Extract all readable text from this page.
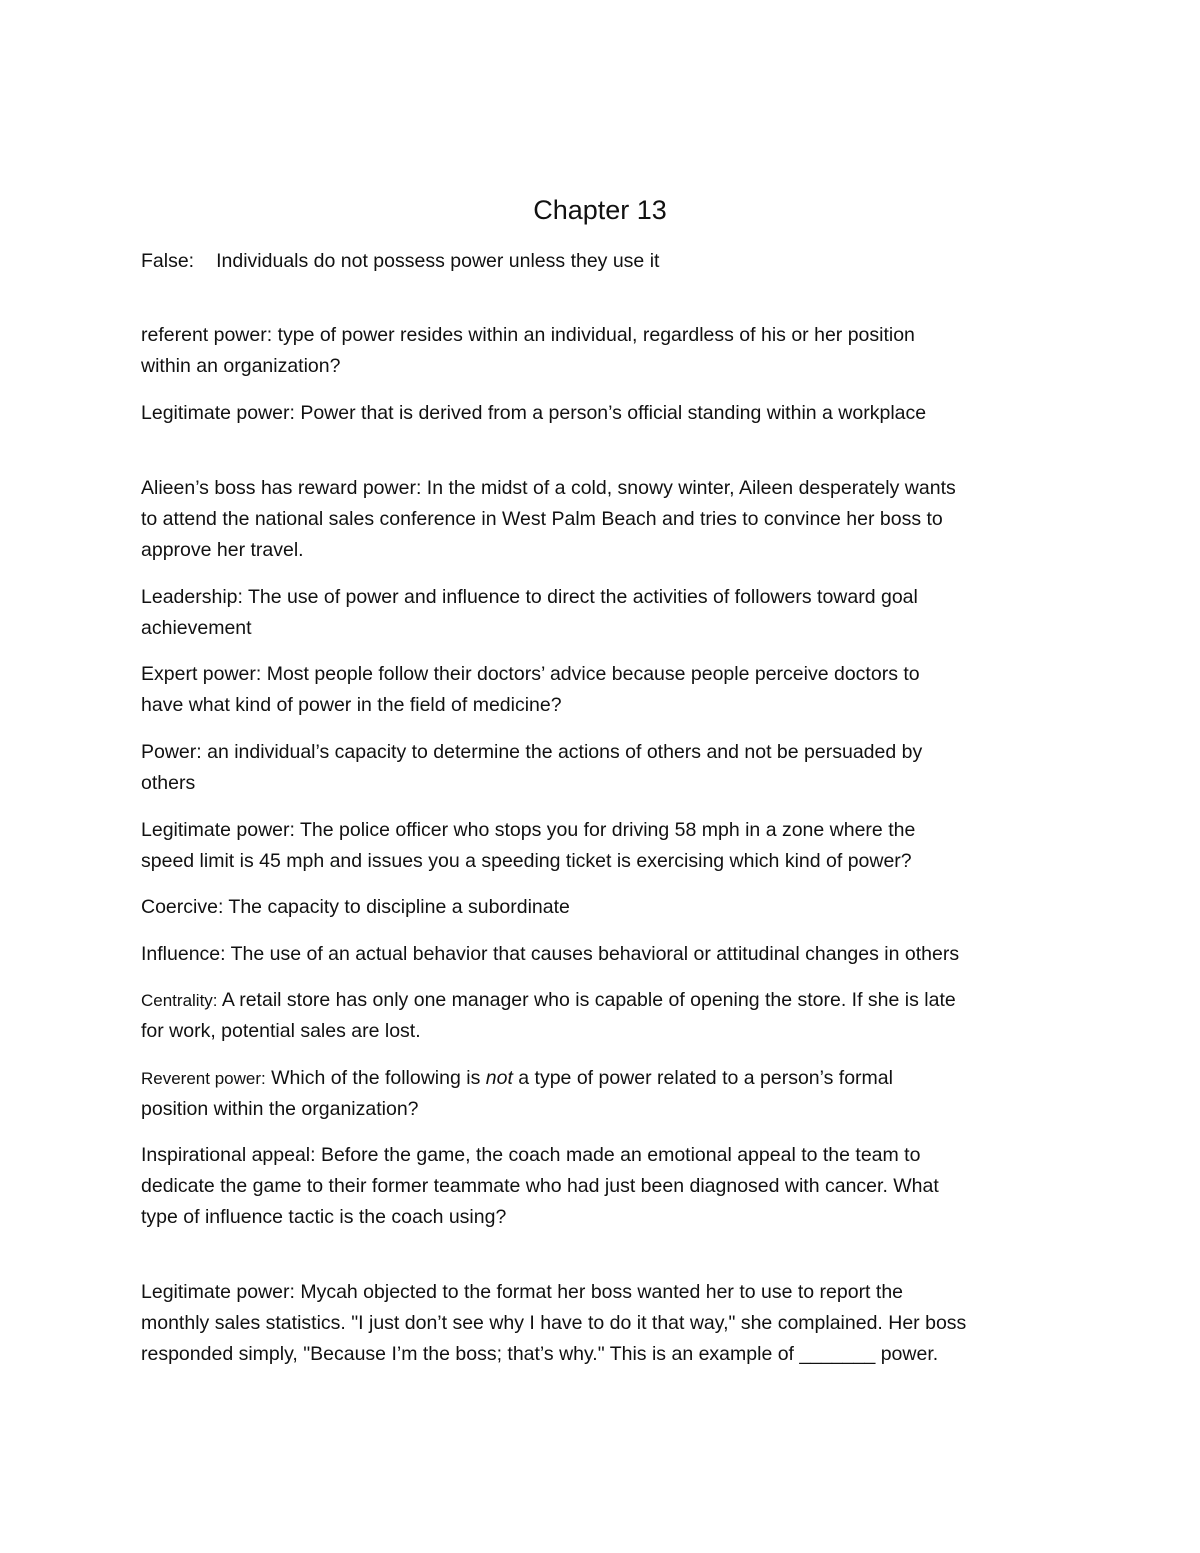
Chapter 13
False: Individuals do not possess power unless they use it
referent power: type of power resides within an individual, regardless of his or her position
within an organization?
Legitimate power: Power that is derived from a person’s official standing within a workplace
Alieen’s boss has reward power: In the midst of a cold, snowy winter, Aileen desperately wants
to attend the national sales conference in West Palm Beach and tries to convince her boss to
approve her travel.
Leadership: The use of power and influence to direct the activities of followers toward goal
achievement
Expert power: Most people follow their doctors’ advice because people perceive doctors to
have what kind of power in the field of medicine?
Power: an individual’s capacity to determine the actions of others and not be persuaded by
others
Legitimate power: The police officer who stops you for driving 58 mph in a zone where the
speed limit is 45 mph and issues you a speeding ticket is exercising which kind of power?
Coercive: The capacity to discipline a subordinate
Influence: The use of an actual behavior that causes behavioral or attitudinal changes in others
Centrality: A retail store has only one manager who is capable of opening the store. If she is late
for work, potential sales are lost.
Reverent power: Which of the following is not a type of power related to a person’s formal
position within the organization?
Inspirational appeal: Before the game, the coach made an emotional appeal to the team to
dedicate the game to their former teammate who had just been diagnosed with cancer. What
type of influence tactic is the coach using?
Legitimate power: Mycah objected to the format her boss wanted her to use to report the
monthly sales statistics. "I just don’t see why I have to do it that way," she complained. Her boss
responded simply, "Because I’m the boss; that’s why." This is an example of _______ power.
